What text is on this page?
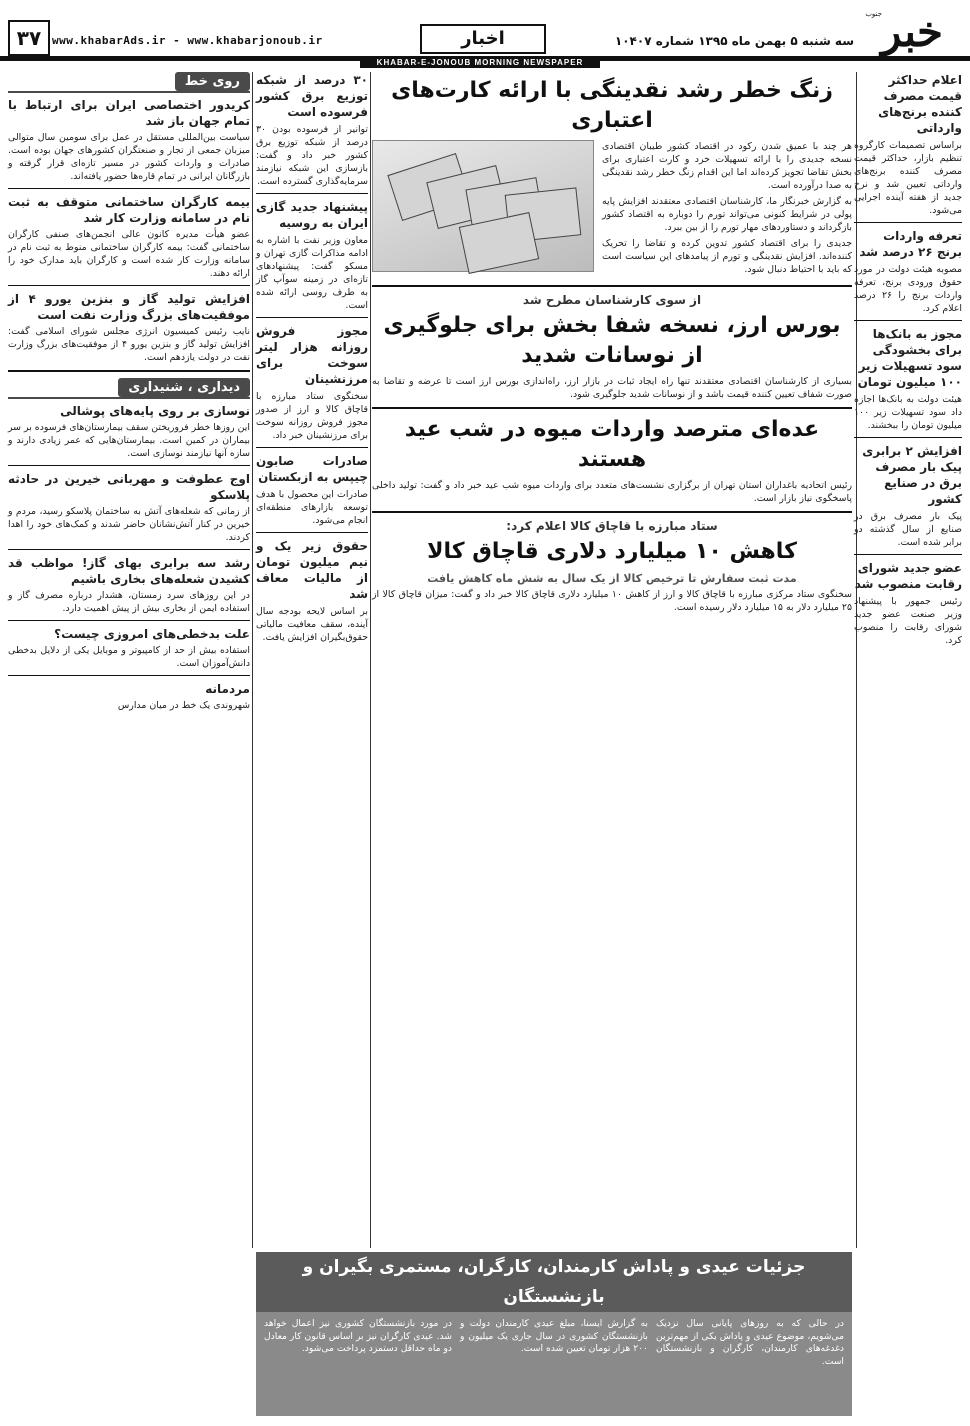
۳۷ www.khabarAds.ir - www.khabarjonoub.ir	اخبار	سه شنبه ۵ بهمن ماه ۱۳۹۵ شماره ۱۰۴۰۷ خبر
جنوب
KHABAR-E-JONOUB MORNING NEWSPAPER
روی خط
کریدور اختصاصی ایران برای ارتباط با تمام جهان باز شد

سیاست بین‌المللی مستقل در عمل برای سومین سال متوالی میزبان جمعی از تجار و صنعتگران کشورهای جهان بوده است. صادرات و واردات کشور در مسیر تازه‌ای قرار گرفته و بازرگانان ایرانی در تمام قاره‌ها حضور یافته‌اند.

بیمه کارگران ساختمانی متوقف به ثبت نام در سامانه وزارت کار شد

عضو هیأت مدیره کانون عالی انجمن‌های صنفی کارگران ساختمانی گفت: بیمه کارگران ساختمانی منوط به ثبت نام در سامانه وزارت کار شده است و کارگران باید مدارک خود را ارائه دهند.

افزایش تولید گاز و بنزین یورو ۴ از موفقیت‌های بزرگ وزارت نفت است

نایب رئیس کمیسیون انرژی مجلس شورای اسلامی گفت: افزایش تولید گاز و بنزین یورو ۴ از موفقیت‌های بزرگ وزارت نفت در دولت یازدهم است.

دیداری ، شنیداری
نوسازی بر روی پایه‌های پوشالی

این روزها خطر فروریختن سقف بیمارستان‌های فرسوده بر سر بیماران در کمین است. بیمارستان‌هایی که عمر زیادی دارند و سازه آنها نیازمند نوسازی است.

اوج عطوفت و مهربانی خیرین در حادثه پلاسکو

از زمانی که شعله‌های آتش به ساختمان پلاسکو رسید، مردم و خیرین در کنار آتش‌نشانان حاضر شدند و کمک‌های خود را اهدا کردند.

رشد سه برابری بهای گاز! مواظب قد کشیدن شعله‌های بخاری باشیم

در این روزهای سرد زمستان، هشدار درباره مصرف گاز و استفاده ایمن از بخاری بیش از پیش اهمیت دارد.

علت بدخطی‌های امروزی چیست؟

استفاده بیش از حد از کامپیوتر و موبایل یکی از دلایل بدخطی دانش‌آموزان است.

مردمانه

شهروندی یک خط در میان مدارس

۳۰ درصد از شبکه توزیع برق کشور فرسوده است

توانیر از فرسوده بودن ۳۰ درصد از شبکه توزیع برق کشور خبر داد و گفت: بازسازی این شبکه نیازمند سرمایه‌گذاری گسترده است.

پیشنهاد جدید گازی ایران به روسیه

معاون وزیر نفت با اشاره به ادامه مذاکرات گازی تهران و مسکو گفت: پیشنهادهای تازه‌ای در زمینه سوآپ گاز به طرف روسی ارائه شده است.

مجوز فروش روزانه هزار لیتر سوخت برای مرزنشینان

سخنگوی ستاد مبارزه با قاچاق کالا و ارز از صدور مجوز فروش روزانه سوخت برای مرزنشینان خبر داد.

صادرات صابون چیپس به ازبکستان

صادرات این محصول با هدف توسعه بازارهای منطقه‌ای انجام می‌شود.

حقوق زیر یک و نیم میلیون تومان از مالیات معاف شد

بر اساس لایحه بودجه سال آینده، سقف معافیت مالیاتی حقوق‌بگیران افزایش یافت.

زنگ خطر رشد نقدینگی با ارائه کارت‌های اعتباری

هر چند با عمیق شدن رکود در اقتصاد کشور طیبان اقتصادی نسخه جدیدی را با ارائه تسهیلات خرد و کارت اعتباری برای بخش تقاضا تجویز کرده‌اند اما این اقدام زنگ خطر رشد نقدینگی به صدا درآورده است.

به گزارش خبرنگار ما، کارشناسان اقتصادی معتقدند افزایش پایه پولی در شرایط کنونی می‌تواند تورم را دوباره به اقتصاد کشور بازگرداند و دستاوردهای مهار تورم را از بین ببرد.

جدیدی را برای اقتصاد کشور تدوین کرده و تقاضا را تحریک کننده‌اند. افزایش نقدینگی و تورم از پیامدهای این سیاست است که باید با احتیاط دنبال شود.

از سوی کارشناسان مطرح شد
بورس ارز، نسخه شفا بخش برای جلوگیری از نوسانات شدید

بسیاری از کارشناسان اقتصادی معتقدند تنها راه ایجاد ثبات در بازار ارز، راه‌اندازی بورس ارز است تا عرضه و تقاضا به صورت شفاف تعیین کننده قیمت باشد و از نوسانات شدید جلوگیری شود.

عده‌ای مترصد واردات میوه در شب عید هستند

رئیس اتحادیه باغداران استان تهران از برگزاری نشست‌های متعدد برای واردات میوه شب عید خبر داد و گفت: تولید داخلی پاسخگوی نیاز بازار است.

ستاد مبارزه با قاچاق کالا اعلام کرد:
کاهش ۱۰ میلیارد دلاری قاچاق کالا
مدت ثبت سفارش تا ترخیص کالا از یک سال به شش ماه کاهش یافت

سخنگوی ستاد مرکزی مبارزه با قاچاق کالا و ارز از کاهش ۱۰ میلیارد دلاری قاچاق کالا خبر داد و گفت: میزان قاچاق کالا از ۲۵ میلیارد دلار به ۱۵ میلیارد دلار رسیده است.

اعلام حداکثر قیمت مصرف کننده برنج‌های وارداتی

براساس تصمیمات کارگروه تنظیم بازار، حداکثر قیمت مصرف کننده برنج‌های وارداتی تعیین شد و نرخ جدید از هفته آینده اجرایی می‌شود.

تعرفه واردات برنج ۲۶ درصد شد

مصوبه هیئت دولت در مورد حقوق ورودی برنج، تعرفه واردات برنج را ۲۶ درصد اعلام کرد.

مجوز به بانک‌ها برای بخشودگی سود تسهیلات زیر ۱۰۰ میلیون تومان

هیئت دولت به بانک‌ها اجازه داد سود تسهیلات زیر ۱۰۰ میلیون تومان را ببخشند.

افزایش ۲ برابری پیک بار مصرف برق در صنایع کشور

پیک بار مصرف برق در صنایع از سال گذشته دو برابر شده است.

عضو جدید شورای رقابت منصوب شد

رئیس جمهور با پیشنهاد وزیر صنعت عضو جدید شورای رقابت را منصوب کرد.

جزئیات عیدی و پاداش کارمندان، کارگران، مستمری بگیران و بازنشستگان
در حالی که به روزهای پایانی سال نزدیک می‌شویم، موضوع عیدی و پاداش یکی از مهم‌ترین دغدغه‌های کارمندان، کارگران و بازنشستگان است.
به گزارش ایسنا، مبلغ عیدی کارمندان دولت و بازنشستگان کشوری در سال جاری یک میلیون و ۲۰۰ هزار تومان تعیین شده است.
در مورد بازنشستگان کشوری نیز اعمال خواهد شد. عیدی کارگران نیز بر اساس قانون کار معادل دو ماه حداقل دستمزد پرداخت می‌شود.
